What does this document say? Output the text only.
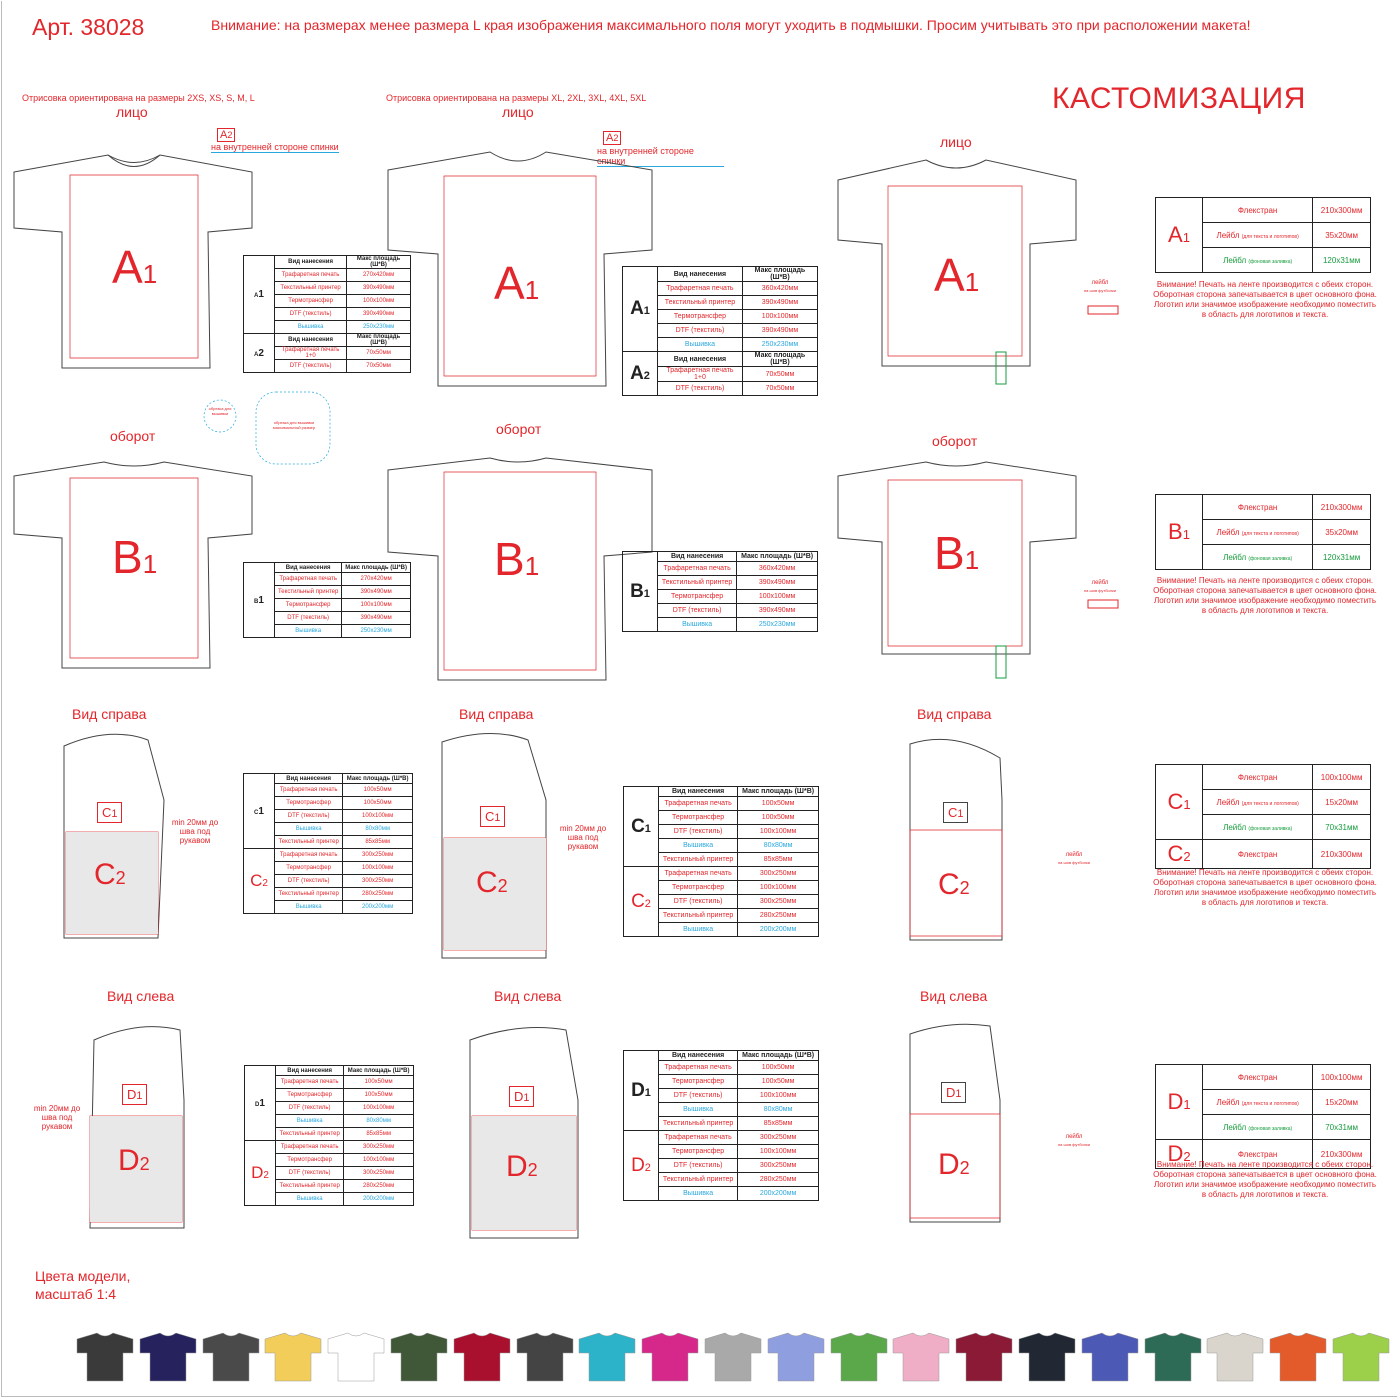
Арт. 38028	Внимание: на размерах менее размера L края изображения максимального поля могут уходить в подмышки. Просим учитывать это при расположении макета!
КАСТОМИЗАЦИЯ
Отрисовка ориентирована на размеры 2XS, XS, S, M, L
лицо
Отрисовка ориентирована на размеры XL, 2XL, 3XL, 4XL, 5XL
лицо
лицо
A2
на внутренней стороне спинки
A2
на внутренней стороне спинки
обрезка для вышивки
обрезка для вышивки максимальный размер
A1	A1	A1
B1	B1	B1
оборот	оборот
оборот
Вид справа	Вид справа	Вид справа
Вид слева	Вид слева	Вид слева
C1	C1	C1
C2	C2	C2
D1	D1	D1
D2	D2	D2
min 20мм до шва под рукавом
min 20мм до шва под рукавом
min 20мм до шва под рукавом
A1	Вид нанесения	Макс площадь (Ш*В)
	Трафаретная печать	270x420мм
	Текстильный принтер	390x490мм
	Термотрансфер	100x100мм
	DTF (текстиль)	390x490мм
	Вышивка	250x230мм
A2	Вид нанесения	Макс площадь (Ш*В)
	Трафаретная печать 1+0	70x50мм
	DTF (текстиль)	70x50мм
B1	Вид нанесения	Макс площадь (Ш*В)
	Трафаретная печать	270x420мм
	Текстильный принтер	390x490мм
	Термотрансфер	100x100мм
	DTF (текстиль)	390x490мм
	Вышивка	250x230мм
C1	Вид нанесения	Макс площадь (Ш*В)
	Трафаретная печать	100x50мм
	Термотрансфер	100x50мм
	DTF (текстиль)	100x100мм
	Вышивка	80x80мм
	Текстильный принтер	85x85мм
C2	Трафаретная печать	300x250мм
	Термотрансфер	100x100мм
	DTF (текстиль)	300x250мм
	Текстильный принтер	280x250мм
	Вышивка	200x200мм
D1	Вид нанесения	Макс площадь (Ш*В)
	Трафаретная печать	100x50мм
	Термотрансфер	100x50мм
	DTF (текстиль)	100x100мм
	Вышивка	80x80мм
	Текстильный принтер	85x85мм
D2	Трафаретная печать	300x250мм
	Термотрансфер	100x100мм
	DTF (текстиль)	300x250мм
	Текстильный принтер	280x250мм
	Вышивка	200x200мм
A1	Вид нанесения	Макс площадь (Ш*В)
	Трафаретная печать	360x420мм
	Текстильный принтер	390x490мм
	Термотрансфер	100x100мм
	DTF (текстиль)	390x490мм
	Вышивка	250x230мм
A2	Вид нанесения	Макс площадь (Ш*В)
	Трафаретная печать 1+0	70x50мм
	DTF (текстиль)	70x50мм
B1	Вид нанесения	Макс площадь (Ш*В)
	Трафаретная печать	360x420мм
	Текстильный принтер	390x490мм
	Термотрансфер	100x100мм
	DTF (текстиль)	390x490мм
	Вышивка	250x230мм
C1	Вид нанесения	Макс площадь (Ш*В)
	Трафаретная печать	100x50мм
	Термотрансфер	100x50мм
	DTF (текстиль)	100x100мм
	Вышивка	80x80мм
	Текстильный принтер	85x85мм
C2	Трафаретная печать	300x250мм
	Термотрансфер	100x100мм
	DTF (текстиль)	300x250мм
	Текстильный принтер	280x250мм
	Вышивка	200x200мм
D1	Вид нанесения	Макс площадь (Ш*В)
	Трафаретная печать	100x50мм
	Термотрансфер	100x50мм
	DTF (текстиль)	100x100мм
	Вышивка	80x80мм
	Текстильный принтер	85x85мм
D2	Трафаретная печать	300x250мм
	Термотрансфер	100x100мм
	DTF (текстиль)	300x250мм
	Текстильный принтер	280x250мм
	Вышивка	200x200мм
A1	Флекстран	210x300мм
	Лейбл (для текста и логотипов)	35x20мм
	Лейбл (фоновая заливка)	120x31мм
B1	Флекстран	210x300мм
	Лейбл (для текста и логотипов)	35x20мм
	Лейбл (фоновая заливка)	120x31мм
C1	Флекстран	100x100мм
	Лейбл (для текста и логотипов)	15x20мм
	Лейбл (фоновая заливка)	70x31мм
C2	Флекстран	210x300мм
D1	Флекстран	100x100мм
	Лейбл (для текста и логотипов)	15x20мм
	Лейбл (фоновая заливка)	70x31мм
D2	Флекстран	210x300мм
Внимание! Печать на ленте производится с обеих сторон. Оборотная сторона запечатывается в цвет основного фона. Логотип или значимое изображение необходимо поместить в область для логотипов и текста.
Внимание! Печать на ленте производится с обеих сторон. Оборотная сторона запечатывается в цвет основного фона. Логотип или значимое изображение необходимо поместить в область для логотипов и текста.
Внимание! Печать на ленте производится с обеих сторон. Оборотная сторона запечатывается в цвет основного фона. Логотип или значимое изображение необходимо поместить в область для логотипов и текста.
Внимание! Печать на ленте производится с обеих сторон. Оборотная сторона запечатывается в цвет основного фона. Логотип или значимое изображение необходимо поместить в область для логотипов и текста.
лейбл
на шов футболки
лейбл
на шов футболки
лейбл
на шов футболки
лейбл
на шов футболки
Цвета модели,
масштаб 1:4
